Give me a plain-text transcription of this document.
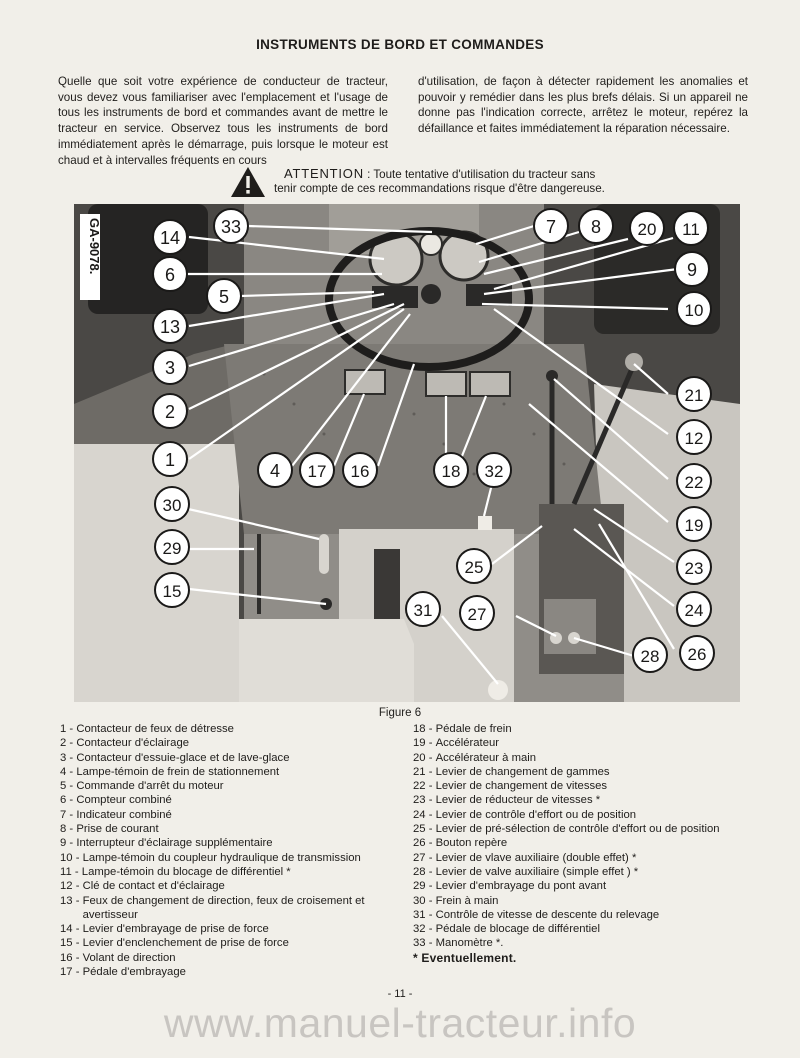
INSTRUMENTS DE BORD ET COMMANDES
Quelle que soit votre expérience de conducteur de tracteur, vous devez vous familiariser avec l'emplacement et l'usage de tous les instruments de bord et commandes avant de mettre le tracteur en service. Observez tous les instruments de bord immédiatement après le démarrage, puis lorsque le moteur est chaud et à intervalles fréquents en cours
d'utilisation, de façon à détecter rapidement les anomalies et pouvoir y remédier dans les plus brefs délais. Si un appareil ne donne pas l'indication correcte, arrêtez le moteur, repérez la défaillance et faites immédiatement la réparation nécessaire.
ATTENTION : Toute tentative d'utilisation du tracteur sans
tenir compte de ces recommandations risque d'être dangereuse.
GA-9078.	14
33	7 8 20 11
6	9
5
10
13
3
21
2
12
1
4 17 16	18 32
22
30
19
29
25	23
15
27
31	24
28 26
Figure 6
1 - Contacteur de feux de détresse
2 - Contacteur d'éclairage
3 - Contacteur d'essuie-glace et de lave-glace
4 - Lampe-témoin de frein de stationnement
5 - Commande d'arrêt du moteur
6 - Compteur combiné
7 - Indicateur combiné
8 - Prise de courant
9 - Interrupteur d'éclairage supplémentaire
10 - Lampe-témoin du coupleur hydraulique de transmission
11 - Lampe-témoin du blocage de différentiel *
12 - Clé de contact et d'éclairage
13 - Feux de changement de direction, feux de croisement et avertisseur
14 - Levier d'embrayage de prise de force
15 - Levier d'enclenchement de prise de force
16 - Volant de direction
17 - Pédale d'embrayage
18 - Pédale de frein
19 - Accélérateur
20 - Accélérateur à main
21 - Levier de changement de gammes
22 - Levier de changement de vitesses
23 - Levier de réducteur de vitesses *
24 - Levier de contrôle d'effort ou de position
25 - Levier de pré-sélection de contrôle d'effort ou de position
26 - Bouton repère
27 - Levier de vlave auxiliaire (double effet) *
28 - Levier de valve auxiliaire (simple effet ) *
29 - Levier d'embrayage du pont avant
30 - Frein à main
31 - Contrôle de vitesse de descente du relevage
32 - Pédale de blocage de différentiel
33 - Manomètre *.
* Eventuellement.
- 11 -
www.manuel-tracteur.info
